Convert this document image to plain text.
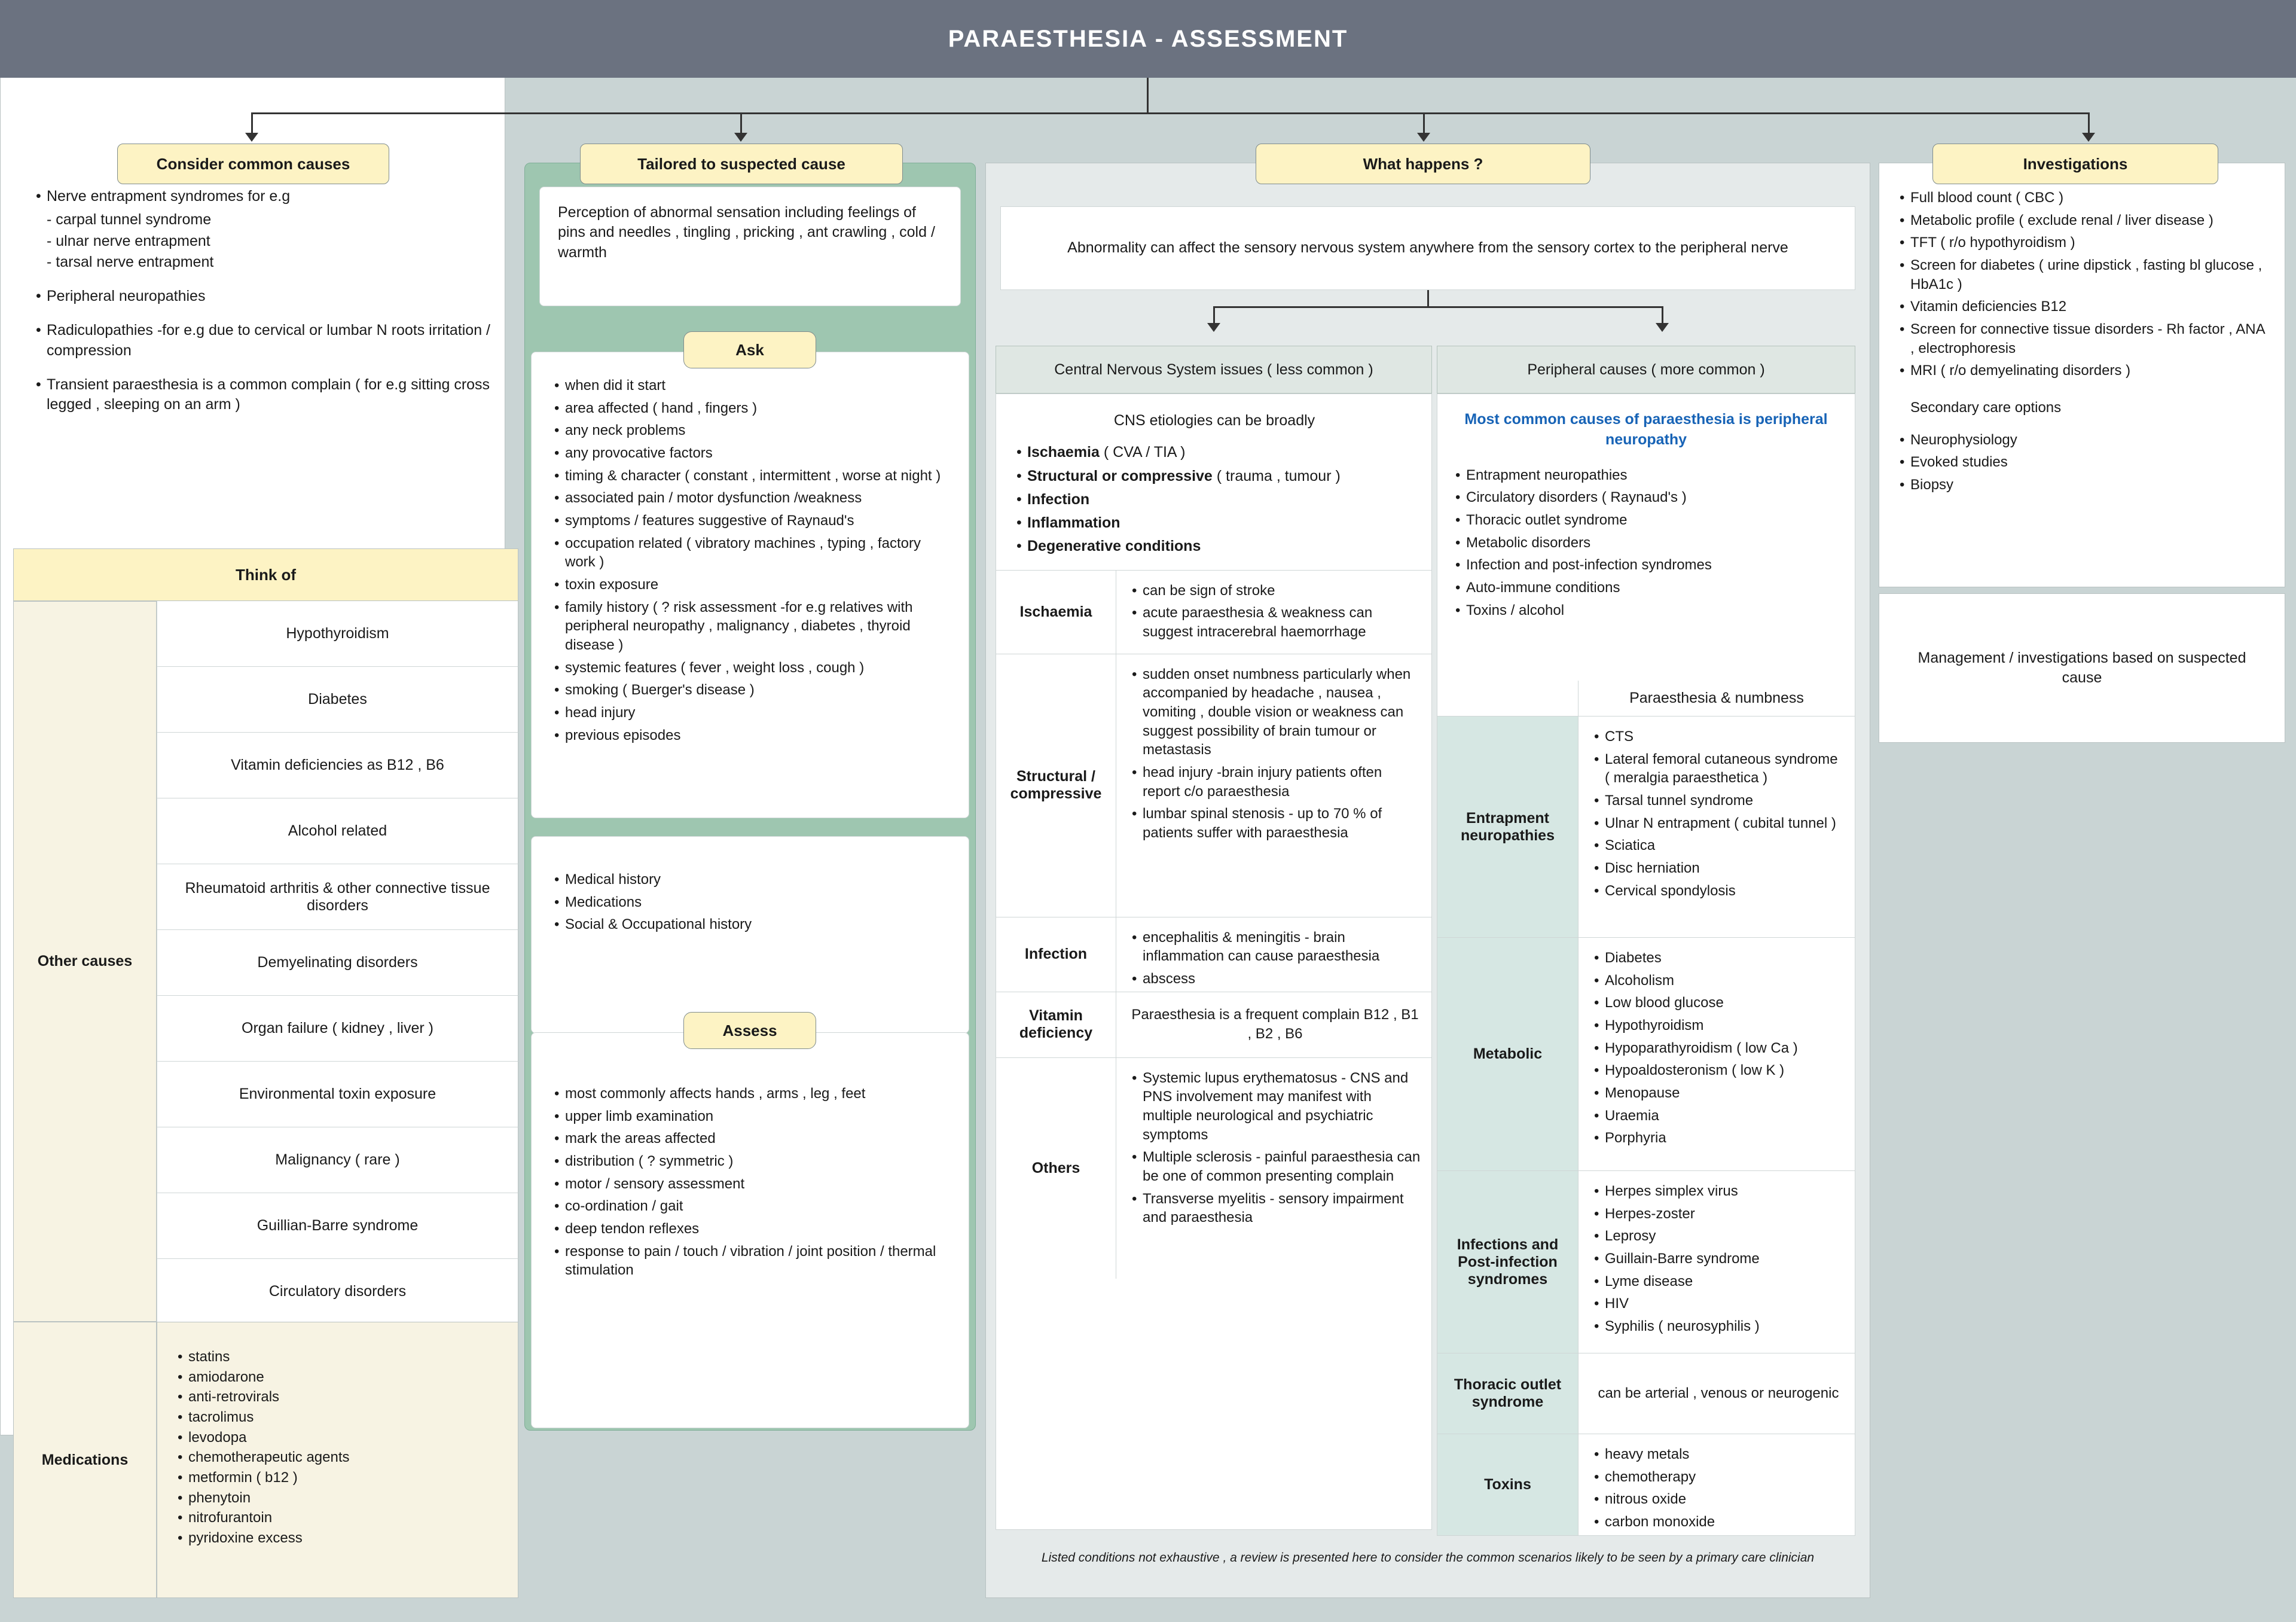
PARAESTHESIA - ASSESSMENT
• Nerve entrapment syndromes for e.g
- carpal tunnel syndrome
- ulnar nerve entrapment
- tarsal nerve entrapment
• Peripheral neuropathies
• Radiculopathies -for e.g due to cervical or lumbar N roots irritation / compression
• Transient paraesthesia is a common complain ( for e.g sitting cross legged , sleeping on an arm )
Consider common causes
Think of
Other causes
Hypothyroidism
Diabetes
Vitamin deficiencies as B12 , B6
Alcohol related
Rheumatoid arthritis & other connective tissue disorders
Demyelinating disorders
Organ failure ( kidney , liver )
Environmental toxin exposure
Malignancy ( rare )
Guillian-Barre syndrome
Circulatory disorders
Medications
• statins
• amiodarone
• anti-retrovirals
• tacrolimus
• levodopa
• chemotherapeutic agents
• metformin ( b12 )
• phenytoin
• nitrofurantoin
• pyridoxine excess
Perception of abnormal sensation including feelings of pins and needles , tingling , pricking , ant crawling , cold / warmth
Tailored to suspected cause
• when did it start
• area affected ( hand , fingers )
• any neck problems
• any provocative factors
• timing & character ( constant , intermittent , worse at night )
• associated pain / motor dysfunction /weakness
• symptoms / features suggestive of Raynaud's
• occupation related ( vibratory machines , typing , factory work )
• toxin exposure
• family history ( ? risk assessment -for e.g relatives with peripheral neuropathy , malignancy , diabetes , thyroid disease )
• systemic features ( fever , weight loss , cough )
• smoking ( Buerger's disease )
• head injury
• previous episodes
Ask
• Medical history
• Medications
• Social & Occupational history
• most commonly affects hands , arms , leg , feet
• upper limb examination
• mark the areas affected
• distribution ( ? symmetric )
• motor / sensory assessment
• co-ordination / gait
• deep tendon reflexes
• response to pain / touch / vibration / joint position / thermal stimulation
Assess
Abnormality can affect the sensory nervous system anywhere from the sensory cortex to the peripheral nerve
What happens ?
Central Nervous System issues ( less common )	Peripheral causes ( more common )
CNS etiologies can be broadly
• Ischaemia ( CVA / TIA )
• Structural or compressive ( trauma , tumour )
• Infection
• Inflammation
• Degenerative conditions
Ischaemia
• can be sign of stroke
• acute paraesthesia & weakness can suggest intracerebral haemorrhage
Structural / compressive
• sudden onset numbness particularly when accompanied by headache , nausea , vomiting , double vision or weakness can suggest possibility of brain tumour or metastasis
• head injury -brain injury patients often report c/o paraesthesia
• lumbar spinal stenosis - up to 70 % of patients suffer with paraesthesia
Infection
• encephalitis & meningitis - brain inflammation can cause paraesthesia
• abscess
Vitamin deficiency
Paraesthesia is a frequent complain B12 , B1 , B2 , B6
Others
• Systemic lupus erythematosus - CNS and PNS involvement may manifest with multiple neurological and psychiatric symptoms
• Multiple sclerosis - painful paraesthesia can be one of common presenting complain
• Transverse myelitis - sensory impairment and paraesthesia
Most common causes of paraesthesia is peripheral neuropathy
• Entrapment neuropathies
• Circulatory disorders ( Raynaud's )
• Thoracic outlet syndrome
• Metabolic disorders
• Infection and post-infection syndromes
• Auto-immune conditions
• Toxins / alcohol
Paraesthesia & numbness
Entrapment neuropathies
• CTS
• Lateral femoral cutaneous syndrome ( meralgia paraesthetica )
• Tarsal tunnel syndrome
• Ulnar N entrapment ( cubital tunnel )
• Sciatica
• Disc herniation
• Cervical spondylosis
Metabolic
• Diabetes
• Alcoholism
• Low blood glucose
• Hypothyroidism
• Hypoparathyroidism ( low Ca )
• Hypoaldosteronism ( low K )
• Menopause
• Uraemia
• Porphyria
Infections and Post-infection syndromes
• Herpes simplex virus
• Herpes-zoster
• Leprosy
• Guillain-Barre syndrome
• Lyme disease
• HIV
• Syphilis ( neurosyphilis )
Thoracic outlet syndrome
can be arterial , venous or neurogenic
Toxins
• heavy metals
• chemotherapy
• nitrous oxide
• carbon monoxide
Listed conditions not exhaustive , a review is presented here to consider the common scenarios likely to be seen by a primary care clinician
• Full blood count ( CBC )
• Metabolic profile ( exclude renal / liver disease )
• TFT ( r/o hypothyroidism )
• Screen for diabetes ( urine dipstick , fasting bl glucose , HbA1c )
• Vitamin deficiencies B12
• Screen for connective tissue disorders - Rh factor , ANA , electrophoresis
• MRI ( r/o demyelinating disorders )
Secondary care options
• Neurophysiology
• Evoked studies
• Biopsy
Investigations
Management / investigations based on suspected cause
